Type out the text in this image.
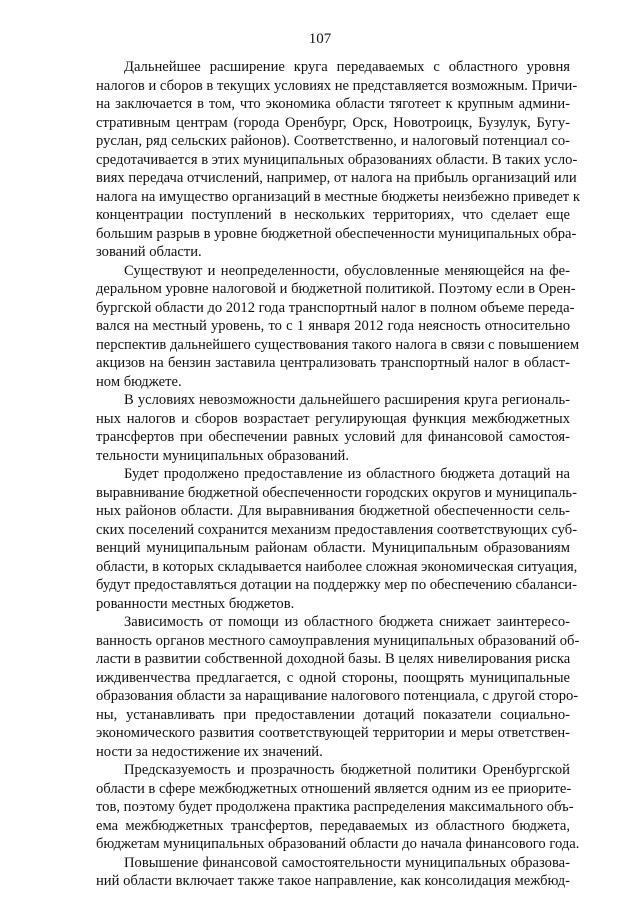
107
Дальнейшее расширение круга передаваемых с областного уровня
налогов и сборов в текущих условиях не представляется возможным. Причи-
на заключается в том, что экономика области тяготеет к крупным админи-
стративным центрам (города Оренбург, Орск, Новотроицк, Бузулук, Бугу-
руслан, ряд сельских районов). Соответственно, и налоговый потенциал со-
средотачивается в этих муниципальных образованиях области. В таких усло-
виях передача отчислений, например, от налога на прибыль организаций или
налога на имущество организаций в местные бюджеты неизбежно приведет к
концентрации поступлений в нескольких территориях, что сделает еще
большим разрыв в уровне бюджетной обеспеченности муниципальных обра-
зований области.
Существуют и неопределенности, обусловленные меняющейся на фе-
деральном уровне налоговой и бюджетной политикой. Поэтому если в Орен-
бургской области до 2012 года транспортный налог в полном объеме переда-
вался на местный уровень, то с 1 января 2012 года неясность относительно
перспектив дальнейшего существования такого налога в связи с повышением
акцизов на бензин заставила централизовать транспортный налог в област-
ном бюджете.
В условиях невозможности дальнейшего расширения круга региональ-
ных налогов и сборов возрастает регулирующая функция межбюджетных
трансфертов при обеспечении равных условий для финансовой самостоя-
тельности муниципальных образований.
Будет продолжено предоставление из областного бюджета дотаций на
выравнивание бюджетной обеспеченности городских округов и муниципаль-
ных районов области. Для выравнивания бюджетной обеспеченности сель-
ских поселений сохранится механизм предоставления соответствующих суб-
венций муниципальным районам области. Муниципальным образованиям
области, в которых складывается наиболее сложная экономическая ситуация,
будут предоставляться дотации на поддержку мер по обеспечению сбаланси-
рованности местных бюджетов.
Зависимость от помощи из областного бюджета снижает заинтересо-
ванность органов местного самоуправления муниципальных образований об-
ласти в развитии собственной доходной базы. В целях нивелирования риска
иждивенчества предлагается, с одной стороны, поощрять муниципальные
образования области за наращивание налогового потенциала, с другой сторо-
ны, устанавливать при предоставлении дотаций показатели социально-
экономического развития соответствующей территории и меры ответствен-
ности за недостижение их значений.
Предсказуемость и прозрачность бюджетной политики Оренбургской
области в сфере межбюджетных отношений является одним из ее приорите-
тов, поэтому будет продолжена практика распределения максимального объ-
ема межбюджетных трансфертов, передаваемых из областного бюджета,
бюджетам муниципальных образований области до начала финансового года.
Повышение финансовой самостоятельности муниципальных образова-
ний области включает также такое направление, как консолидация межбюд-
